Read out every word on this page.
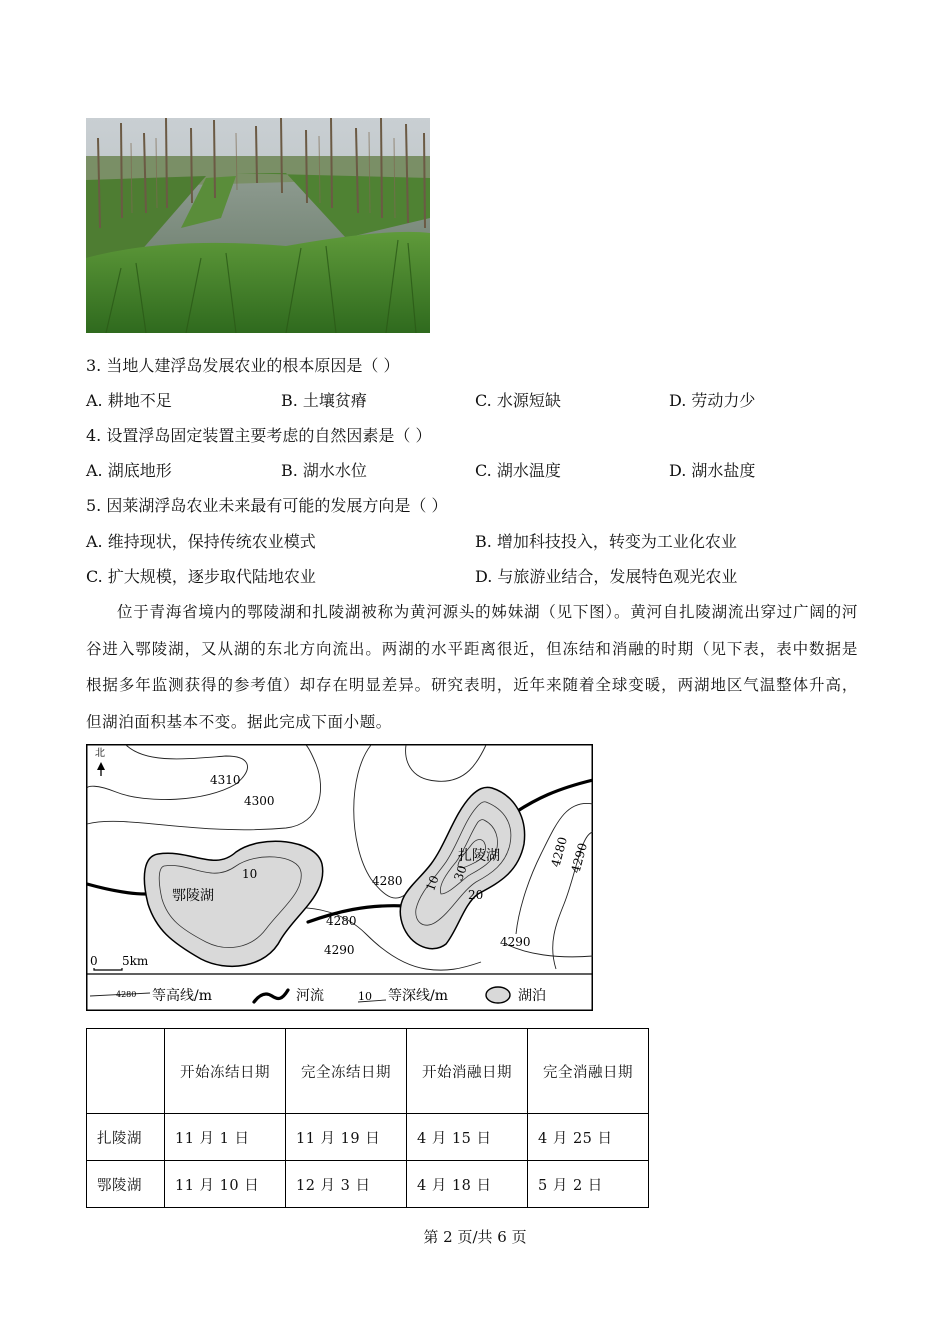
3. 当地人建浮岛发展农业的根本原因是（ ）
A. 耕地不足	B. 土壤贫瘠	C. 水源短缺	D. 劳动力少
4. 设置浮岛固定装置主要考虑的自然因素是（ ）
A. 湖底地形	B. 湖水水位	C. 湖水温度	D. 湖水盐度
5. 因莱湖浮岛农业未来最有可能的发展方向是（ ）
A. 维持现状，保持传统农业模式	B. 增加科技投入，转变为工业化农业
C. 扩大规模，逐步取代陆地农业	D. 与旅游业结合，发展特色观光农业

位于青海省境内的鄂陵湖和扎陵湖被称为黄河源头的姊妹湖（见下图）。黄河自扎陵湖流出穿过广阔的河谷进入鄂陵湖，又从湖的东北方向流出。两湖的水平距离很近，但冻结和消融的时期（见下表，表中数据是根据多年监测获得的参考值）却存在明显差异。研究表明，近年来随着全球变暖，两湖地区气温整体升高，但湖泊面积基本不变。据此完成下面小题。

北
鄂陵湖
扎陵湖
4310
4300
4280
4280
4290
4280
4290
4290
10	10
30
20
0 5km
4280 等高线/m	河流	10 等深线/m	湖泊
	开始冻结日期	完全冻结日期	开始消融日期	完全消融日期
扎陵湖	11 月 1 日	11 月 19 日	4 月 15 日	4 月 25 日
鄂陵湖	11 月 10 日	12 月 3 日	4 月 18 日	5 月 2 日
第 2 页/共 6 页
